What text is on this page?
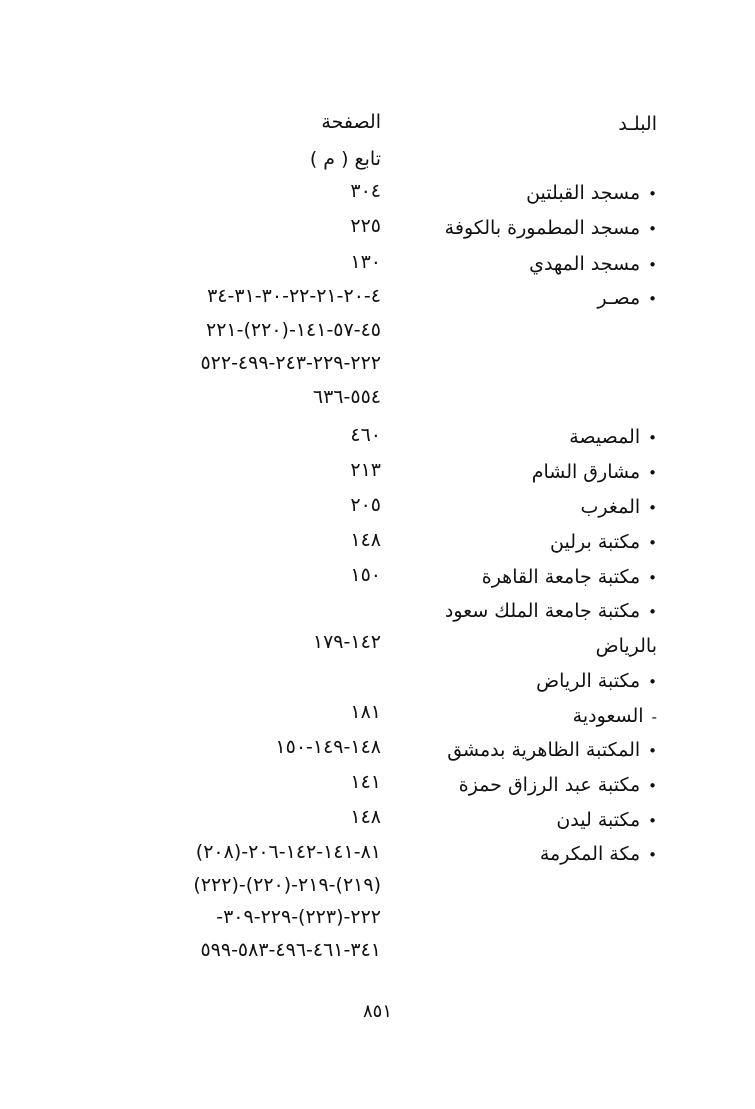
البلـد
الصفحة
تابع ( م )
•مسجد القبلتين
٣٠٤
•مسجد المطمورة بالكوفة
٢٢٥
•مسجد المهدي
١٣٠
•مصـر
٤-٢٠-٢١-٢٢-٣٠-٣١-٣٤
٤٥-٥٧-١٤١-(٢٢٠)-٢٢١
٢٢٢-٢٢٩-٢٤٣-٤٩٩-٥٢٢
٥٥٤-٦٣٦
•المصيصة
٤٦٠
•مشارق الشام
٢١٣
•المغرب
٢٠٥
•مكتبة برلين
١٤٨
•مكتبة جامعة القاهرة
١٥٠
•مكتبة جامعة الملك سعود
بالرياض
١٤٢-١٧٩
•مكتبة الرياض
-السعودية
١٨١
•المكتبة الظاهرية بدمشق
١٤٨-١٤٩-١٥٠
•مكتبة عبد الرزاق حمزة
١٤١
•مكتبة ليدن
١٤٨
•مكة المكرمة
٨١-١٤١-١٤٢-٢٠٦-(٢٠٨)
(٢١٩)-٢١٩-(٢٢٠)-(٢٢٢)
٢٢٢-(٢٢٣)-٢٢٩-٣٠٩-
٣٤١-٤٦١-٤٩٦-٥٨٣-٥٩٩
٨٥١
